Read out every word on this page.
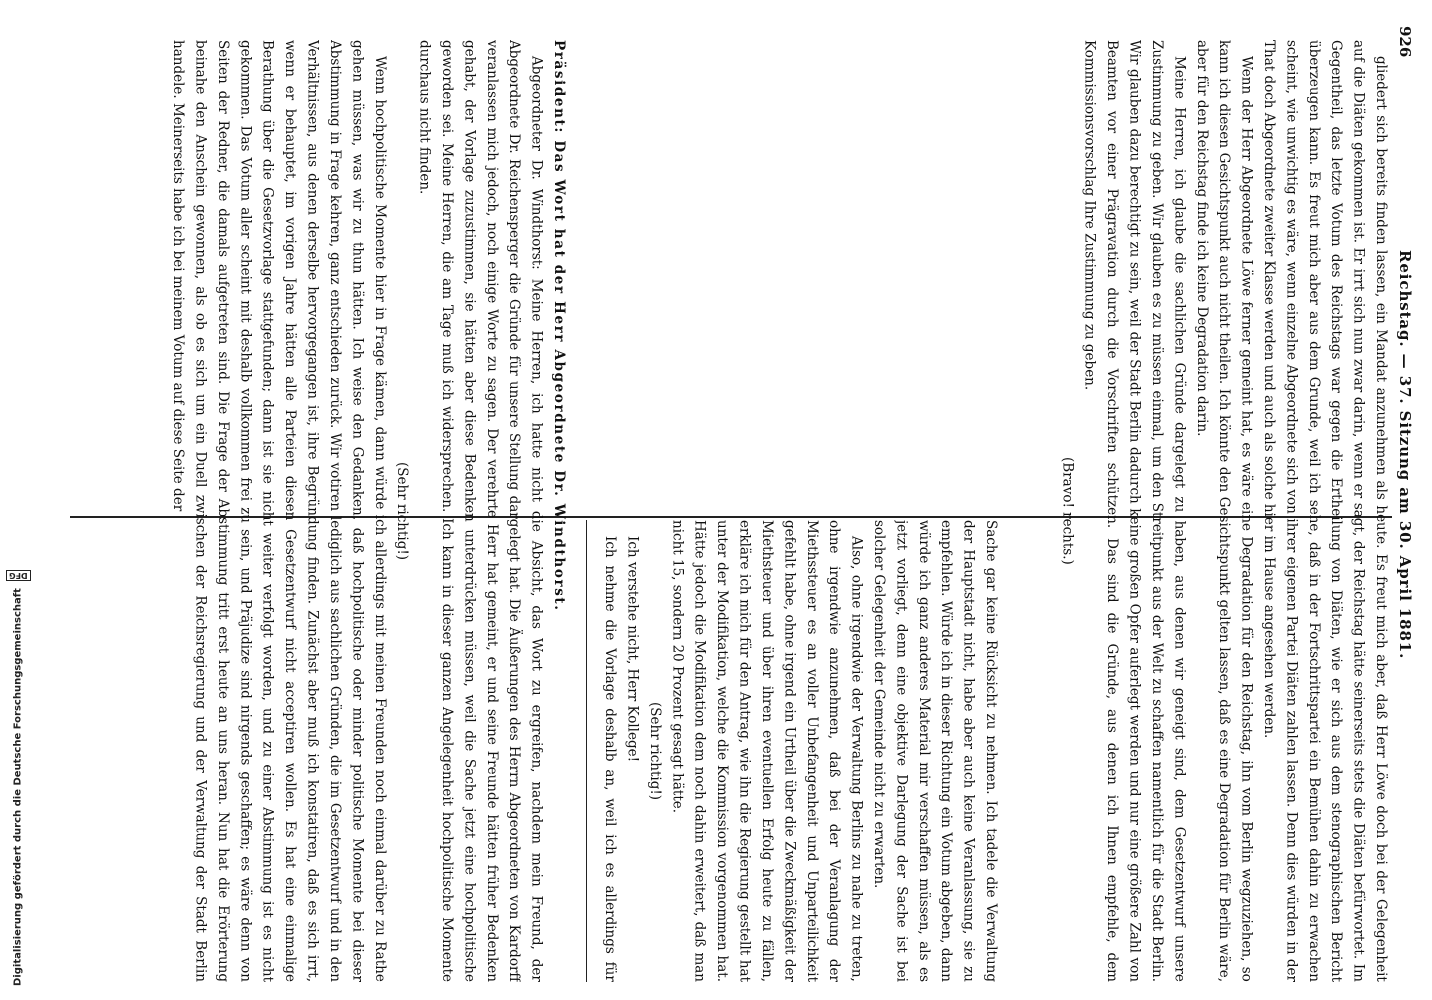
926
Reichstag. — 37. Sitzung am 30. April 1881.

gliedert sich bereits finden lassen, ein Mandat anzunehmen als heute. Es freut mich aber, daß Herr Löwe doch bei der Gelegenheit auf die Diäten gekommen ist. Er irrt sich nun zwar darin, wenn er sagt, der Reichstag hätte seinerseits stets die Diäten befürwortet. Im Gegentheil, das letzte Votum des Reichstags war gegen die Ertheilung von Diäten, wie er sich aus dem stenographischen Bericht überzeugen kann. Es freut mich aber aus dem Grunde, weil ich sehe, daß in der Fortschrittspartei ein Bemühen dahin zu erwachen scheint, wie unwichtig es wäre, wenn einzelne Abgeordnete sich von ihrer eigenen Partei Diäten zahlen lassen. Denn dies würden in der That doch Abgeordnete zweiter Klasse werden und auch als solche hier im Hause angesehen werden.

Wenn der Herr Abgeordnete Löwe ferner gemeint hat, es wäre eine Degradation für den Reichstag, ihn vom Berlin wegzuziehen, so kann ich diesen Gesichtspunkt auch nicht theilen. Ich könnte den Gesichtspunkt gelten lassen, daß es eine Degradation für Berlin wäre, aber für den Reichstag finde ich keine Degradation darin.

Meine Herren, ich glaube die sachlichen Gründe dargelegt zu haben, aus denen wir geneigt sind, dem Gesetzentwurf unsere Zustimmung zu geben. Wir glauben es zu müssen einmal, um den Streitpunkt aus der Welt zu schaffen namentlich für die Stadt Berlin. Wir glauben dazu berechtigt zu sein, weil der Stadt Berlin dadurch keine großen Opfer auferlegt werden und nur eine größere Zahl von Beamten vor einer Prägravation durch die Vorschriften schützen. Das sind die Gründe, aus denen ich Ihnen empfehle, dem Kommissionsvorschlag Ihre Zustimmung zu geben.

(Bravo! rechts.)

Sache gar keine Rücksicht zu nehmen. Ich tadele die Verwaltung der Hauptstadt nicht, habe aber auch keine Veranlassung, sie zu empfehlen. Würde ich in dieser Richtung ein Votum abgeben, dann würde ich ganz anderes Material mir verschaffen müssen, als es jetzt vorliegt, denn eine objektive Darlegung der Sache ist bei solcher Gelegenheit der Gemeinde nicht zu erwarten.

Also, ohne irgendwie der Verwaltung Berlins zu nahe zu treten, ohne irgendwie anzunehmen, daß bei der Veranlagung der Miethssteuer es an voller Unbefangenheit und Unparteilichkeit gefehlt habe, ohne irgend ein Urtheil über die Zweckmäßigkeit der Miethsteuer und über ihren eventuellen Erfolg heute zu fällen, erkläre ich mich für den Antrag, wie ihn die Regierung gestellt hat unter der Modifikation, welche die Kommission vorgenommen hat. Hätte jedoch die Modifikation dem noch dahin erweitert, daß man nicht 15, sondern 20 Prozent gesagt hätte.

(Sehr richtig!)

Ich verstehe nicht, Herr Kollege!

Ich nehme die Vorlage deshalb an, weil ich es allerdings für

Präsident: Das Wort hat der Herr Abgeordnete Dr. Windthorst.

Abgeordneter Dr. Windthorst: Meine Herren, ich hatte nicht die Absicht, das Wort zu ergreifen, nachdem mein Freund, der Abgeordnete Dr. Reichensperger die Gründe für unsere Stellung dargelegt hat. Die Äußerungen des Herrn Abgeordneten von Kardorff veranlassen mich jedoch, noch einige Worte zu sagen. Der verehrte Herr hat gemeint, er und seine Freunde hätten früher Bedenken gehabt, der Vorlage zuzustimmen, sie hätten aber diese Bedenken unterdrücken müssen, weil die Sache jetzt eine hochpolitische geworden sei. Meine Herren, die am Tage muß ich widersprechen. Ich kann in dieser ganzen Angelegenheit hochpolitische Momente durchaus nicht finden.

(Sehr richtig!)

Wenn hochpolitische Momente hier in Frage kämen, dann würde ich allerdings mit meinen Freunden noch einmal darüber zu Rathe gehen müssen, was wir zu thun hätten. Ich weise den Gedanken, daß hochpolitische oder minder politische Momente bei dieser Abstimmung in Frage kehren, ganz entschieden zurück. Wir votiren lediglich aus sachlichen Gründen, die im Gesetzentwurf und in den Verhältnissen, aus denen derselbe hervorgegangen ist, ihre Begründung finden. Zunächst aber muß ich konstatiren, daß es sich irrt, wenn er behauptet, im vorigen Jahre hätten alle Parteien diesen Gesetzentwurf nicht acceptiren wollen. Es hat eine einmalige Berathung über die Gesetzvorlage stattgefunden; dann ist sie nicht weiter verfolgt worden, und zu einer Abstimmung ist es nicht gekommen. Das Votum aller scheint mit deshalb vollkommen frei zu sein, und Präjudize sind nirgends geschaffen; es wäre denn von Seiten der Redner, die damals aufgetreten sind. Die Frage der Abstimmung tritt erst heute an uns heran. Nun hat die Erörterung beinahe den Anschein gewonnen, als ob es sich um ein Duell zwischen der Reichsregierung und der Verwaltung der Stadt Berlin handele. Meinerseits habe ich bei meinem Votum auf diese Seite der

Digitalisierung gefördert durch die Deutsche Forschungsgemeinschaft DFG
